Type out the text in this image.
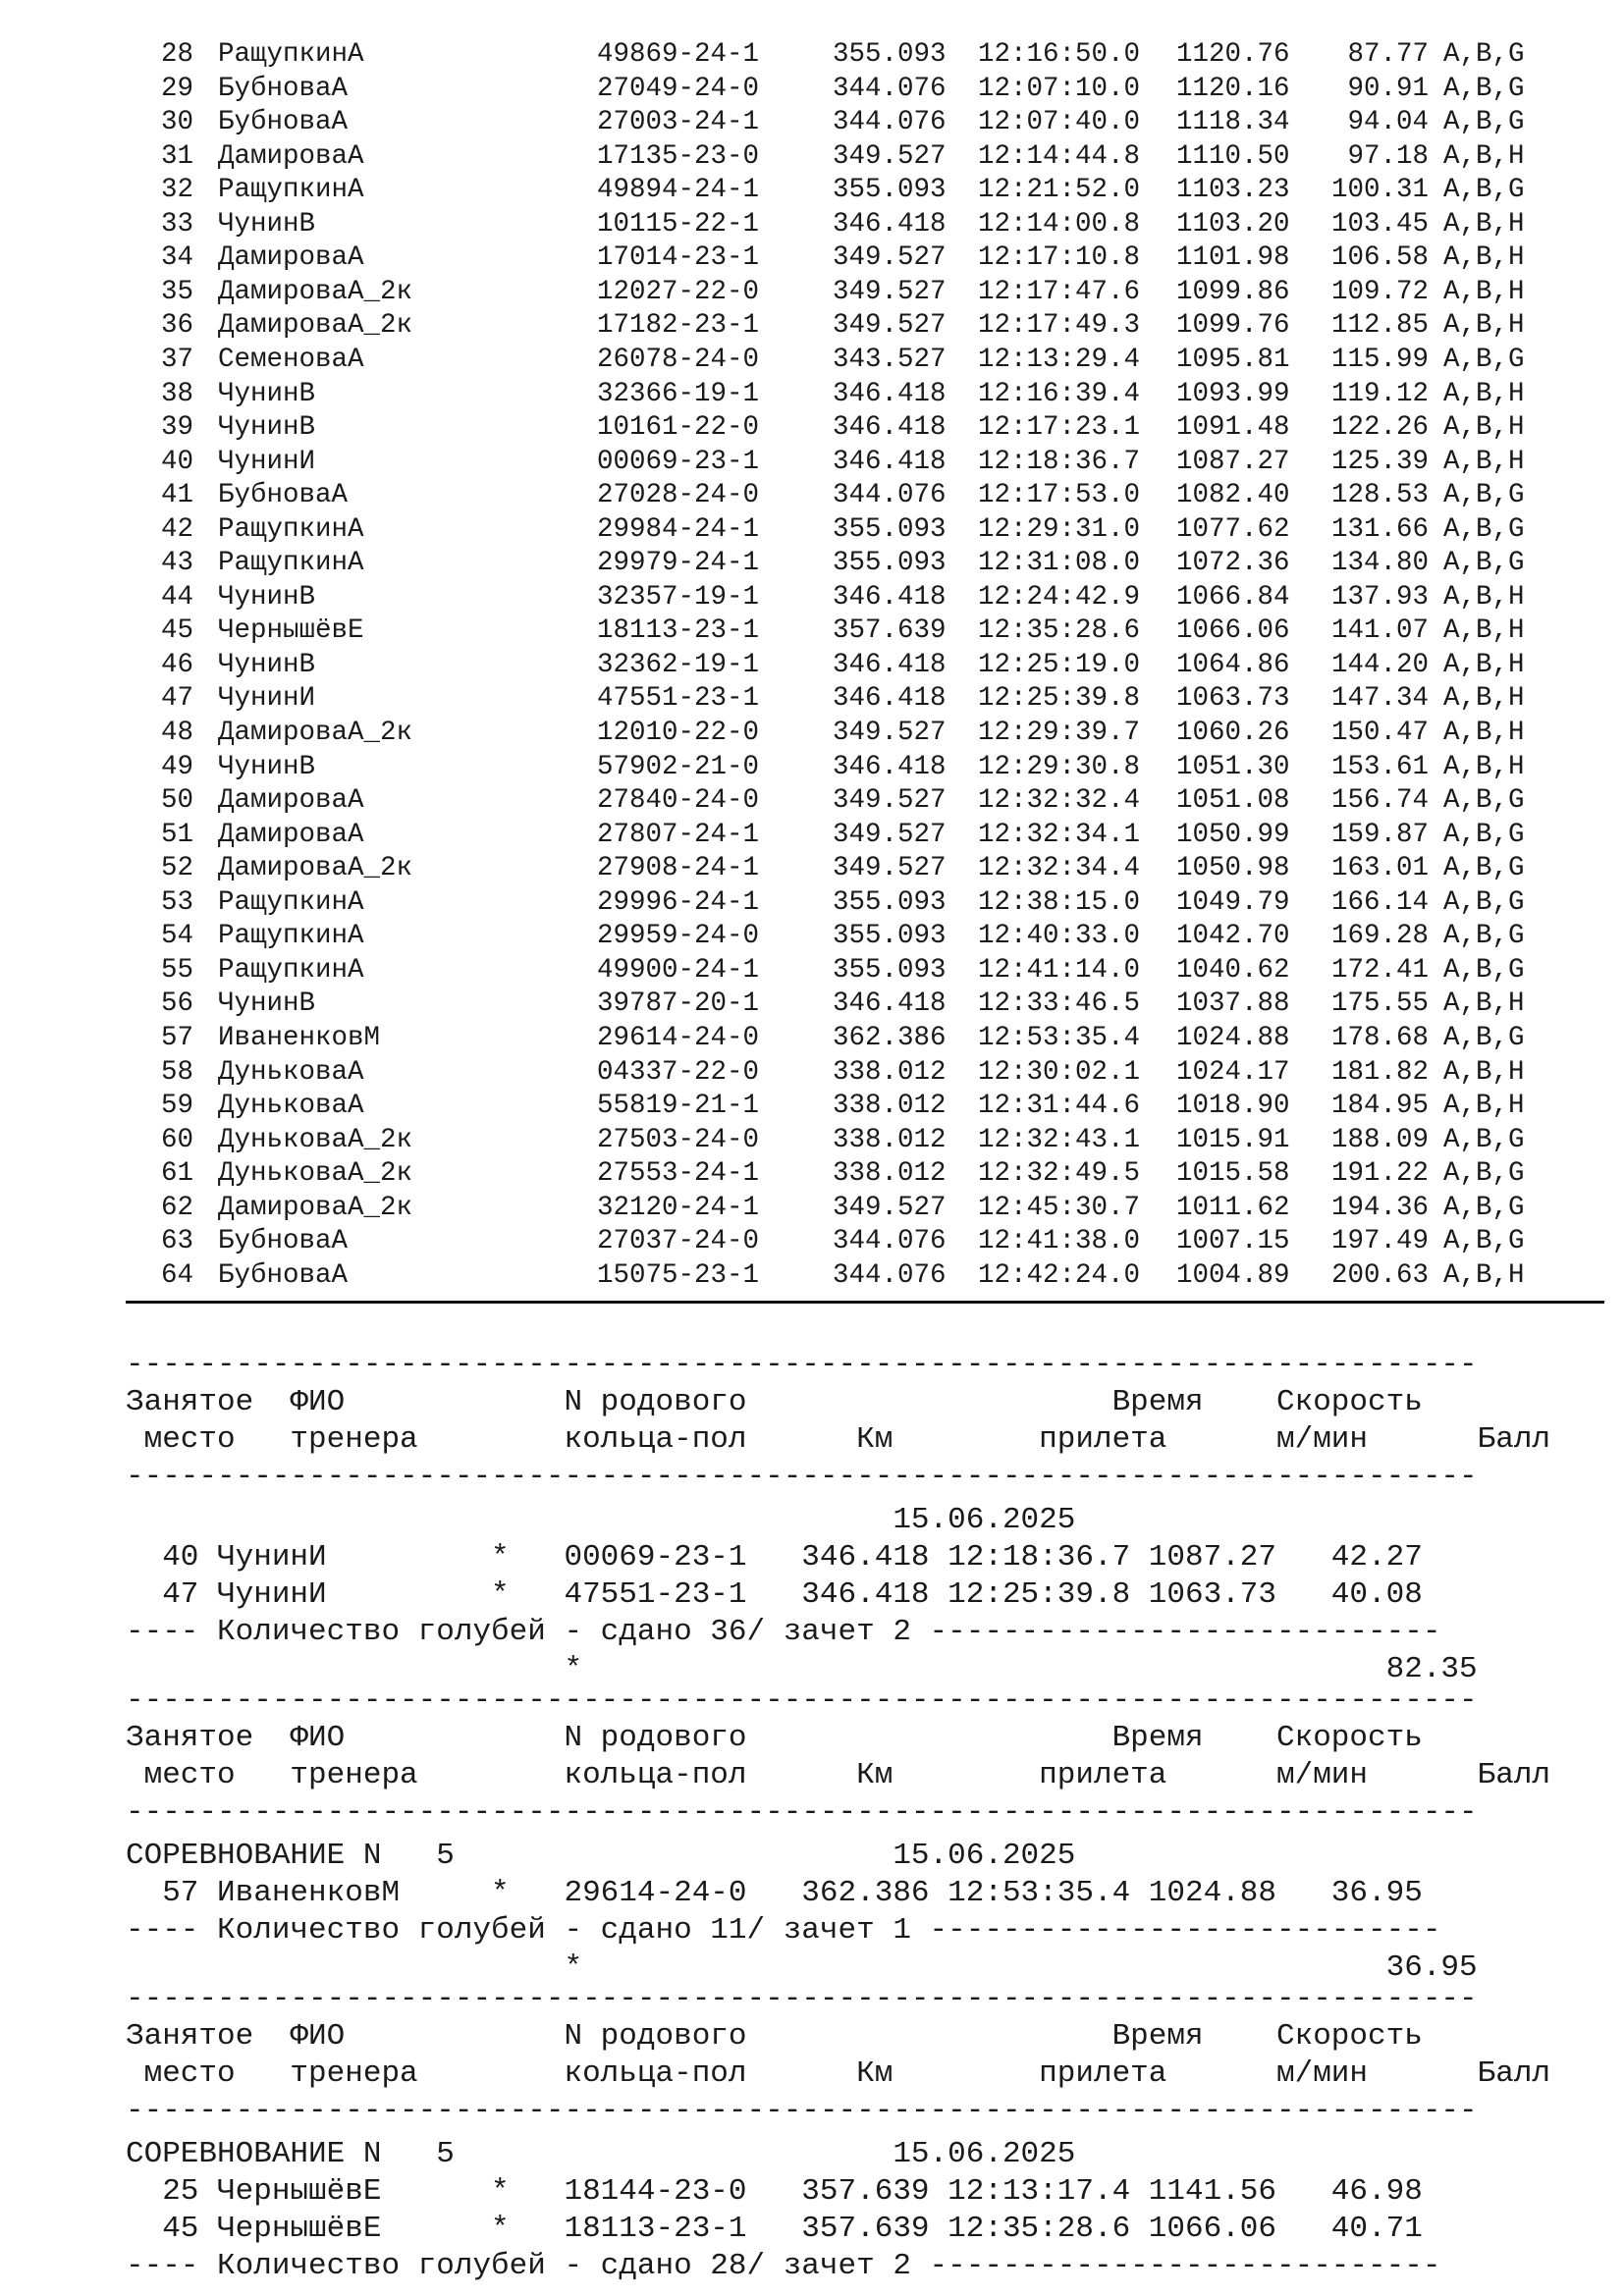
28 РащупкинА	49869-24-1	355.093 12:16:50.0 1120.76 87.77 A,B,G
29 БубноваА	27049-24-0	344.076 12:07:10.0 1120.16 90.91 A,B,G
30 БубноваА	27003-24-1	344.076 12:07:40.0 1118.34 94.04 A,B,G
31 ДамироваА	17135-23-0	349.527 12:14:44.8 1110.50 97.18 A,B,H
32 РащупкинА	49894-24-1	355.093 12:21:52.0 1103.23 100.31 A,B,G
33 ЧунинВ	10115-22-1	346.418 12:14:00.8 1103.20 103.45 A,B,H
34 ДамироваА	17014-23-1	349.527 12:17:10.8 1101.98 106.58 A,B,H
35 ДамироваА_2к	12027-22-0	349.527 12:17:47.6 1099.86 109.72 A,B,H
36 ДамироваА_2к	17182-23-1	349.527 12:17:49.3 1099.76 112.85 A,B,H
37 СеменоваА	26078-24-0	343.527 12:13:29.4 1095.81 115.99 A,B,G
38 ЧунинВ	32366-19-1	346.418 12:16:39.4 1093.99 119.12 A,B,H
39 ЧунинВ	10161-22-0	346.418 12:17:23.1 1091.48 122.26 A,B,H
40 ЧунинИ	00069-23-1	346.418 12:18:36.7 1087.27 125.39 A,B,H
41 БубноваА	27028-24-0	344.076 12:17:53.0 1082.40 128.53 A,B,G
42 РащупкинА	29984-24-1	355.093 12:29:31.0 1077.62 131.66 A,B,G
43 РащупкинА	29979-24-1	355.093 12:31:08.0 1072.36 134.80 A,B,G
44 ЧунинВ	32357-19-1	346.418 12:24:42.9 1066.84 137.93 A,B,H
45 ЧернышёвЕ	18113-23-1	357.639 12:35:28.6 1066.06 141.07 A,B,H
46 ЧунинВ	32362-19-1	346.418 12:25:19.0 1064.86 144.20 A,B,H
47 ЧунинИ	47551-23-1	346.418 12:25:39.8 1063.73 147.34 A,B,H
48 ДамироваА_2к	12010-22-0	349.527 12:29:39.7 1060.26 150.47 A,B,H
49 ЧунинВ	57902-21-0	346.418 12:29:30.8 1051.30 153.61 A,B,H
50 ДамироваА	27840-24-0	349.527 12:32:32.4 1051.08 156.74 A,B,G
51 ДамироваА	27807-24-1	349.527 12:32:34.1 1050.99 159.87 A,B,G
52 ДамироваА_2к	27908-24-1	349.527 12:32:34.4 1050.98 163.01 A,B,G
53 РащупкинА	29996-24-1	355.093 12:38:15.0 1049.79 166.14 A,B,G
54 РащупкинА	29959-24-0	355.093 12:40:33.0 1042.70 169.28 A,B,G
55 РащупкинА	49900-24-1	355.093 12:41:14.0 1040.62 172.41 A,B,G
56 ЧунинВ	39787-20-1	346.418 12:33:46.5 1037.88 175.55 A,B,H
57 ИваненковМ	29614-24-0	362.386 12:53:35.4 1024.88 178.68 A,B,G
58 ДуньковаА	04337-22-0	338.012 12:30:02.1 1024.17 181.82 A,B,H
59 ДуньковаА	55819-21-1	338.012 12:31:44.6 1018.90 184.95 A,B,H
60 ДуньковаА_2к	27503-24-0	338.012 12:32:43.1 1015.91 188.09 A,B,G
61 ДуньковаА_2к	27553-24-1	338.012 12:32:49.5 1015.58 191.22 A,B,G
62 ДамироваА_2к	32120-24-1	349.527 12:45:30.7 1011.62 194.36 A,B,G
63 БубноваА	27037-24-0	344.076 12:41:38.0 1007.15 197.49 A,B,G
64 БубноваА	15075-23-1	344.076 12:42:24.0 1004.89 200.63 A,B,H
--------------------------------------------------------------------------
Занятое  ФИО            N родового                    Время    Скорость
место   тренера        кольца-пол      Км        прилета      м/мин      Балл
--------------------------------------------------------------------------
15.06.2025
40 ЧунинИ         *   00069-23-1   346.418 12:18:36.7 1087.27   42.27
47 ЧунинИ         *   47551-23-1   346.418 12:25:39.8 1063.73   40.08
---- Количество голубей - сдано 36/ зачет 2 ----------------------------
*                                            82.35
--------------------------------------------------------------------------
Занятое  ФИО            N родового                    Время    Скорость
место   тренера        кольца-пол      Км        прилета      м/мин      Балл
--------------------------------------------------------------------------
СОРЕВНОВАНИЕ N   5                        15.06.2025
57 ИваненковМ     *   29614-24-0   362.386 12:53:35.4 1024.88   36.95
---- Количество голубей - сдано 11/ зачет 1 ----------------------------
*                                            36.95
--------------------------------------------------------------------------
Занятое  ФИО            N родового                    Время    Скорость
место   тренера        кольца-пол      Км        прилета      м/мин      Балл
--------------------------------------------------------------------------
СОРЕВНОВАНИЕ N   5                        15.06.2025
25 ЧернышёвЕ      *   18144-23-0   357.639 12:13:17.4 1141.56   46.98
45 ЧернышёвЕ      *   18113-23-1   357.639 12:35:28.6 1066.06   40.71
---- Количество голубей - сдано 28/ зачет 2 ----------------------------
